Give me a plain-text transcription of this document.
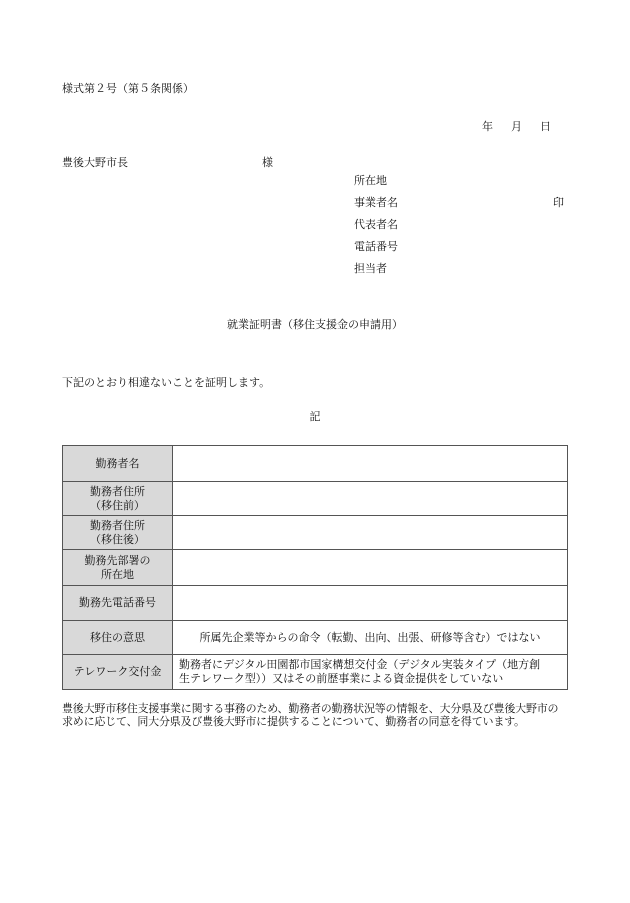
様式第２号（第５条関係）
年 月 日
豊後大野市長	様
所在地
事業者名	印
代表者名
電話番号
担当者
就業証明書（移住支援金の申請用）
下記のとおり相違ないことを証明します。
記
勤務者名	

勤務者住所
（移住前）	

勤務者住所
（移住後）	

勤務先部署の
所在地	

勤務先電話番号	

移住の意思	所属先企業等からの命令（転勤、出向、出張、研修等含む）ではない

テレワーク交付金	勤務者にデジタル田園都市国家構想交付金（デジタル実装タイプ（地方創
生テレワーク型））又はその前歴事業による資金提供をしていない
豊後大野市移住支援事業に関する事務のため、勤務者の勤務状況等の情報を、大分県及び豊後大野市の求めに応じて、同大分県及び豊後大野市に提供することについて、勤務者の同意を得ています。
